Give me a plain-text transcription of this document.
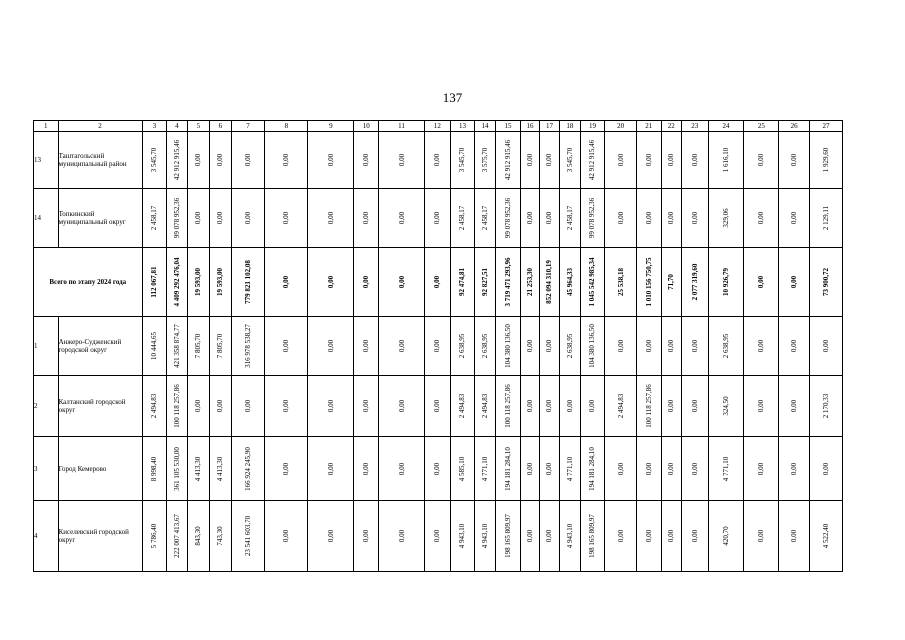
137
1	2	3	4	5	6	7	8	9	10	11	12	13	14	15	16	17	18	19	20	21	22	23	24	25	26	27
13	Таштагольский муниципальный район	3 545,70	42 912 915,46	0,00	0,00	0,00	0,00	0,00	0,00	0,00	0,00	3 545,70	3 575,70	42 912 915,46	0,00	0,00	3 545,70	42 912 915,46	0,00	0,00	0,00	0,00	1 616,10	0,00	0,00	1 929,60

14	Топкинский муниципальный округ	2 458,17	99 078 952,36	0,00	0,00	0,00	0,00	0,00	0,00	0,00	0,00	2 458,17	2 458,17	99 078 952,36	0,00	0,00	2 458,17	99 078 952,36	0,00	0,00	0,00	0,00	329,06	0,00	0,00	2 129,11

Всего по этапу 2024 года		112 067,81	4 409 292 476,04	19 593,00	19 593,00	779 821 102,08	0,00	0,00	0,00	0,00	0,00	92 474,81	92 827,51	3 719 471 293,96	21 253,30	852 094 310,19	45 964,33	1 045 542 985,34	25 538,18	1 010 156 750,75	71,70	2 077 319,60	10 926,79	0,00	0,00	73 900,72

1	Анжеро-Судженский городской округ	10 444,65	421 358 874,77	7 805,70	7 805,70	316 978 538,27	0,00	0,00	0,00	0,00	0,00	2 638,95	2 638,95	104 380 136,50	0,00	0,00	2 638,95	104 380 136,50	0,00	0,00	0,00	0,00	2 638,95	0,00	0,00	0,00

2	Калтанский городской округ	2 494,83	100 118 257,86	0,00	0,00	0,00	0,00	0,00	0,00	0,00	0,00	2 494,83	2 494,83	100 118 257,86	0,00	0,00	0,00	0,00	2 494,83	100 118 257,86	0,00	0,00	324,50	0,00	0,00	2 170,33

3	Город Кемерово	8 998,40	361 105 530,00	4 413,30	4 413,30	166 924 245,90	0,00	0,00	0,00	0,00	0,00	4 585,10	4 771,10	194 181 284,10	0,00	0,00	4 771,10	194 181 284,10	0,00	0,00	0,00	0,00	4 771,10	0,00	0,00	0,00

4	Киселевский городской округ	5 786,40	222 007 413,67	843,30	743,30	23 541 603,70	0,00	0,00	0,00	0,00	0,00	4 943,10	4 943,10	198 165 809,97	0,00	0,00	4 943,10	198 165 809,97	0,00	0,00	0,00	0,00	420,70	0,00	0,00	4 522,40
